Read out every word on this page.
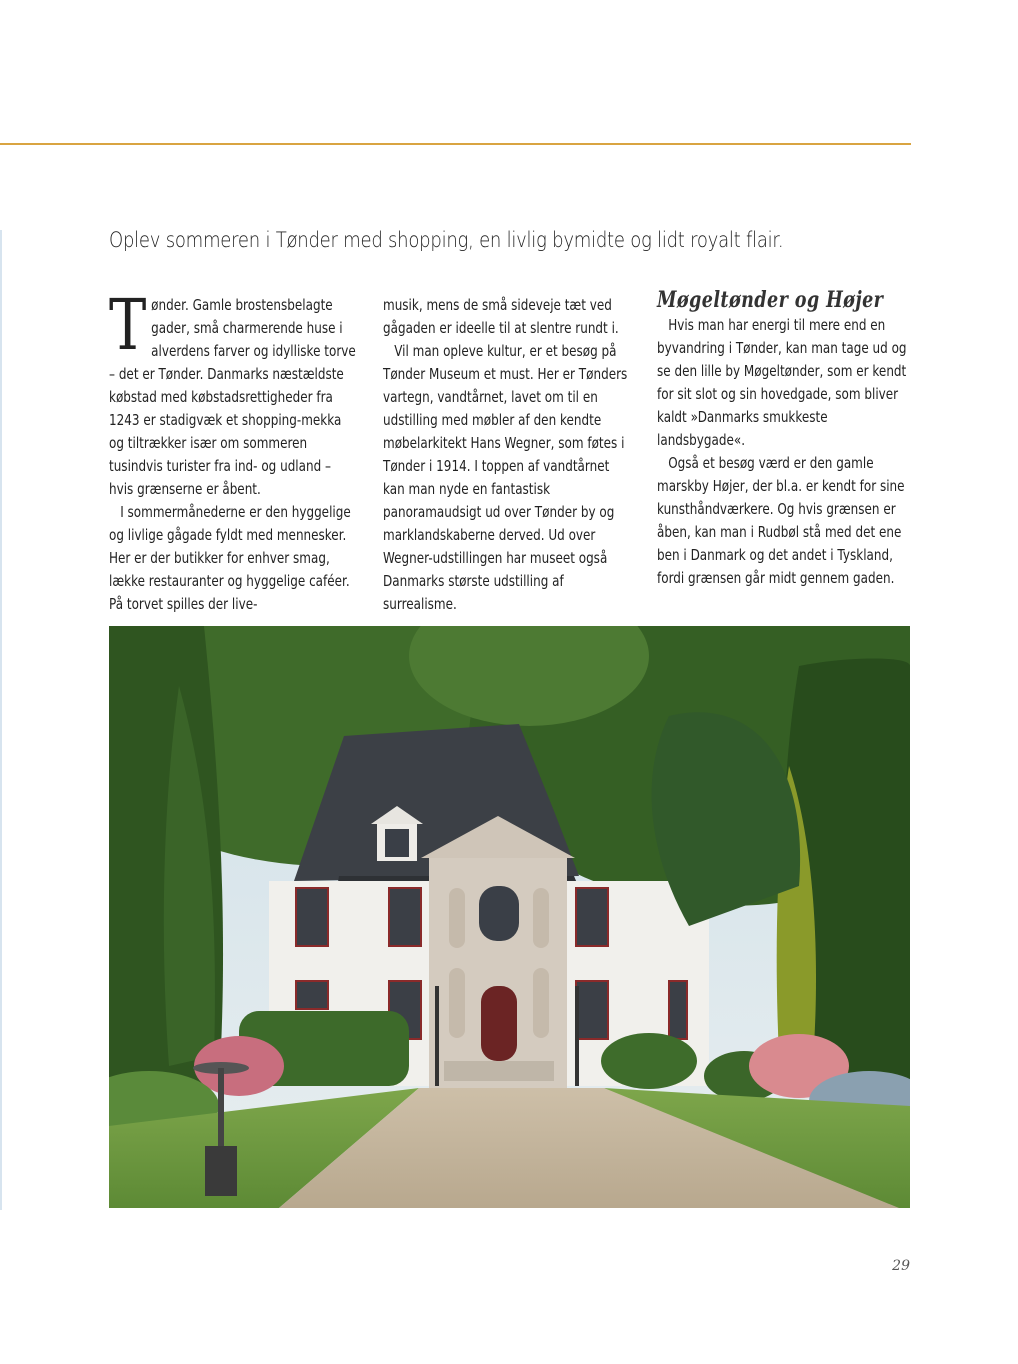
Oplev sommeren i Tønder med shopping, en livlig bymidte og lidt royalt flair.

Tønder. Gamle brostensbelagte gader, små charmerende huse i alverdens farver og idylliske torve – det er Tønder. Danmarks næstældste købstad med købstadsrettigheder fra 1243 er stadigvæk et shopping-mekka og tiltrækker især om sommeren tusindvis turister fra ind- og udland – hvis grænserne er åbent.

I sommermånederne er den hyggelige og livlige gågade fyldt med mennesker. Her er der butikker for enhver smag, lække restauranter og hyggelige caféer. På torvet spilles der live-

musik, mens de små sideveje tæt ved gågaden er ideelle til at slentre rundt i.

Vil man opleve kultur, er et besøg på Tønder Museum et must. Her er Tønders vartegn, vandtårnet, lavet om til en udstilling med møbler af den kendte møbelarkitekt Hans Wegner, som føtes i Tønder i 1914. I toppen af vandtårnet kan man nyde en fantastisk panoramaudsigt ud over Tønder by og marklandskaberne derved. Ud over Wegner-udstillingen har museet også Danmarks største udstilling af surrealisme.

Møgeltønder og Højer

Hvis man har energi til mere end en byvandring i Tønder, kan man tage ud og se den lille by Møgeltønder, som er kendt for sit slot og sin hovedgade, som bliver kaldt »Danmarks smukkeste landsbygade«.

Også et besøg værd er den gamle marskby Højer, der bl.a. er kendt for sine kunsthåndværkere. Og hvis grænsen er åben, kan man i Rudbøl stå med det ene ben i Danmark og det andet i Tyskland, fordi grænsen går midt gennem gaden.

29
